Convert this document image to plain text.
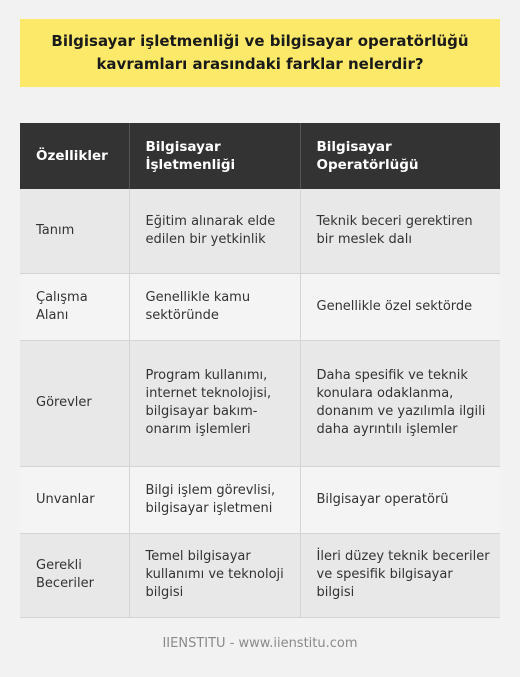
Bilgisayar işletmenliği ve bilgisayar operatörlüğü kavramları arasındaki farklar nelerdir?
Özellikler	Bilgisayar İşletmenliği	Bilgisayar Operatörlüğü
Tanım	Eğitim alınarak elde edilen bir yetkinlik	Teknik beceri gerektiren bir meslek dalı
Çalışma Alanı	Genellikle kamu sektöründe	Genellikle özel sektörde
Görevler	Program kullanımı, internet teknolojisi, bilgisayar bakım-onarım işlemleri	Daha spesifik ve teknik konulara odaklanma, donanım ve yazılımla ilgili daha ayrıntılı işlemler
Unvanlar	Bilgi işlem görevlisi, bilgisayar işletmeni	Bilgisayar operatörü
Gerekli Beceriler	Temel bilgisayar kullanımı ve teknoloji bilgisi	İleri düzey teknik beceriler ve spesifik bilgisayar bilgisi
IIENSTITU - www.iienstitu.com
